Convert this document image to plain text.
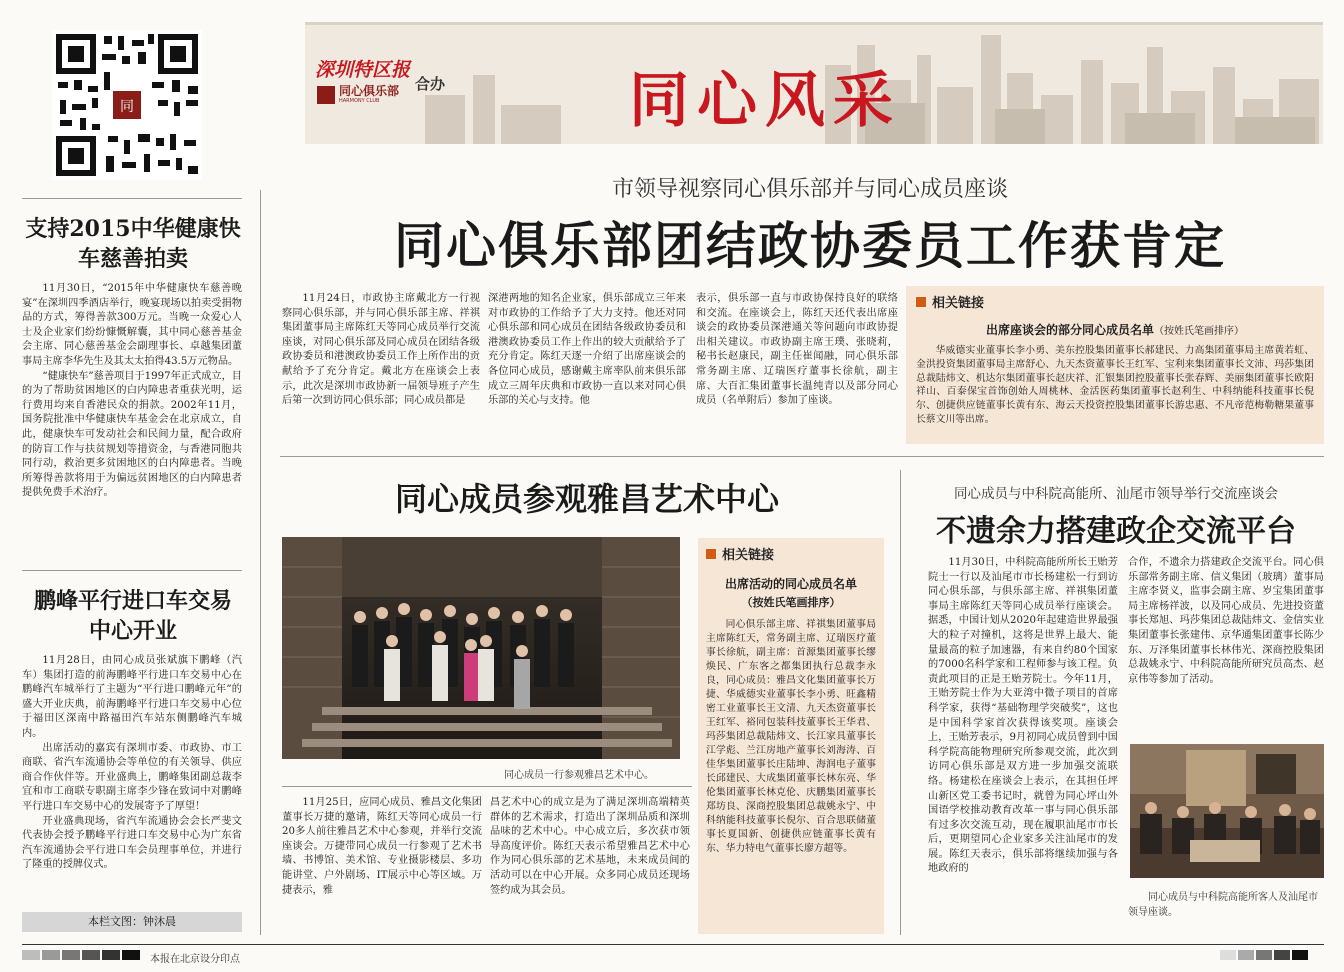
同
深圳特区报
同心俱乐部
HARMONY CLUB
合办	同心风采
支持2015中华健康快车慈善拍卖

11月30日，“2015年中华健康快车慈善晚宴”在深圳四季酒店举行，晚宴现场以拍卖受捐物品的方式，筹得善款300万元。当晚一众爱心人士及企业家们纷纷慷慨解囊，其中同心慈善基金会主席、同心慈善基金会副理事长、卓越集团董事局主席李华先生及其太太拍得43.5万元物品。

“健康快车”慈善项目于1997年正式成立，目的为了帮助贫困地区的白内障患者重获光明，运行费用均来自香港民众的捐款。2002年11月，国务院批准中华健康快车基金会在北京成立，自此，健康快车可发动社会和民间力量，配合政府的防盲工作与扶贫规划等措资金，与香港同胞共同行动，救治更多贫困地区的白内障患者。当晚所筹得善款将用于为偏远贫困地区的白内障患者提供免费手术治疗。

鹏峰平行进口车交易中心开业

11月28日，由同心成员张斌旗下鹏峰（汽车）集团打造的前海鹏峰平行进口车交易中心在鹏峰汽车城举行了主题为“平行进口鹏峰元年”的盛大开业庆典，前海鹏峰平行进口车交易中心位于福田区深南中路福田汽车站东侧鹏峰汽车城内。

出席活动的嘉宾有深圳市委、市政协、市工商联、省汽车流通协会等单位的有关领导、供应商合作伙伴等。开业盛典上，鹏峰集团副总裁李宜和市工商联专职副主席李少锋在致词中对鹏峰平行进口车交易中心的发展寄予了厚望！

开业盛典现场，省汽车流通协会会长严斐文代表协会授予鹏峰平行进口车交易中心为广东省汽车流通协会平行进口车会员理事单位，并进行了隆重的授牌仪式。

本栏文图：钟沐晨
市领导视察同心俱乐部并与同心成员座谈
同心俱乐部团结政协委员工作获肯定
11月24日，市政协主席戴北方一行视察同心俱乐部，并与同心俱乐部主席、祥祺集团董事局主席陈红天等同心成员举行交流座谈，对同心俱乐部及同心成员在团结各级政协委员和港澳政协委员工作上所作出的贡献给予了充分肯定。戴北方在座谈会上表示，此次是深圳市政协新一届领导班子产生后第一次到访同心俱乐部；同心成员都是
深港两地的知名企业家，俱乐部成立三年来对市政协的工作给予了大力支持。他还对同心俱乐部和同心成员在团结各级政协委员和港澳政协委员工作上作出的较大贡献给予了充分肯定。陈红天逐一介绍了出席座谈会的各位同心成员，感谢戴主席率队前来俱乐部成立三周年庆典和市政协一直以来对同心俱乐部的关心与支持。他
表示，俱乐部一直与市政协保持良好的联络和交流。在座谈会上，陈红天还代表出席座谈会的政协委员深港通关等问题向市政协提出相关建议。市政协副主席王璞、张晓莉，秘书长赵康民，副主任崔闻融，同心俱乐部常务副主席、辽瑞医疗董事长徐航，副主席、大百汇集团董事长温纯青以及部分同心成员（名单附后）参加了座谈。
相关链接
出席座谈会的部分同心成员名单（按姓氏笔画排序）
华威德实业董事长李小勇、美东控股集团董事长郝建民、力高集团董事局主席黄若虹、金洪投资集团董事局主席舒心、九天杰资董事长王红军、宝利来集团董事长文沛、玛莎集团总裁陆炜文、机达尔集团董事长赵庆祥、汇银集团控股董事长张春辉、美丽集团董事长欧阳祥山、百泰保宝首饰创始人周桃林、金活医药集团董事长赵利生、中科纳能科技董事长倪尔、创捷供应链董事长黄有东、海云天投资控股集团董事长游忠惠、不凡帝范梅勒糖果董事长蔡文川等出席。
同心成员参观雅昌艺术中心
同心成员一行参观雅昌艺术中心。
11月25日，应同心成员、雅昌文化集团董事长万捷的邀请，陈红天等同心成员一行20多人前往雅昌艺术中心参观，并举行交流座谈会。万捷带同心成员一行参观了艺术书墙、书博馆、美术馆、专业摄影楼层、多功能讲堂、户外剧场、IT展示中心等区域。万捷表示，雅
昌艺术中心的成立是为了满足深圳高端精英群体的艺术需求，打造出了深圳品质和深圳品味的艺术中心。中心成立后，多次获市领导高度评价。陈红天表示希望雅昌艺术中心作为同心俱乐部的艺术基地，未来成员间的活动可以在中心开展。众多同心成员还现场签约成为其会员。
相关链接
出席活动的同心成员名单
（按姓氏笔画排序）
同心俱乐部主席、祥祺集团董事局主席陈红天，常务副主席、辽瑞医疗董事长徐航，副主席：首源集团董事长缪焕民、广东客之都集团执行总裁李永良，同心成员：雅昌文化集团董事长万捷、华威德实业董事长李小勇、旺鑫精密工业董事长王文清、九天杰资董事长王红军、裕同包装科技董事长王华君、玛莎集团总裁陆炜文、长江家具董事长江学彪、兰江房地产董事长刘海涛、百佳华集团董事长庄陆坤、海润电子董事长邱建民、大成集团董事长林东亮、华伦集团董事长林克伦、庆鹏集团董事长郑坊良、深商控股集团总裁姚永宁、中科纳能科技董事长倪尔、百合思联储董事长夏国新、创捷供应链董事长黄有东、华力特电气董事长廖方超等。
同心成员与中科院高能所、汕尾市领导举行交流座谈会
不遗余力搭建政企交流平台
11月30日，中科院高能所所长王贻芳院士一行以及汕尾市市长杨建松一行到访同心俱乐部，与俱乐部主席、祥祺集团董事局主席陈红天等同心成员举行座谈会。据悉，中国计划从2020年起建造世界最强大的粒子对撞机，这将是世界上最大、能量最高的粒子加速器，有来自约80个国家的7000名科学家和工程师参与该工程。负责此项目的正是王贻芳院士。今年11月，王贻芳院士作为大亚湾中微子项目的首席科学家，获得“基础物理学突破奖”，这也是中国科学家首次获得该奖项。座谈会上，王贻芳表示，9月初同心成员曾到中国科学院高能物理研究所参观交流，此次到访同心俱乐部是双方进一步加强交流联络。杨建松在座谈会上表示，在其担任坪山新区党工委书记时，就曾为同心坪山外国语学校推动教育改革一事与同心俱乐部有过多次交流互动，现在履职汕尾市市长后，更期望同心企业家多关注汕尾市的发展。陈红天表示，俱乐部将继续加强与各地政府的
合作，不遗余力搭建政企交流平台。同心俱乐部常务副主席、信义集团（玻璃）董事局主席李贤义，监事会副主席、岁宝集团董事局主席杨祥波，以及同心成员、先进投资董事长郑旭、玛莎集团总裁陆炜文、金信实业集团董事长张建伟、京华通集团董事长陈少东、万泽集团董事长林伟光、深商控股集团总裁姚永宁、中科院高能所研究员高杰、赵京伟等参加了活动。
同心成员与中科院高能所客人及汕尾市领导座谈。
本报在北京设分印点
